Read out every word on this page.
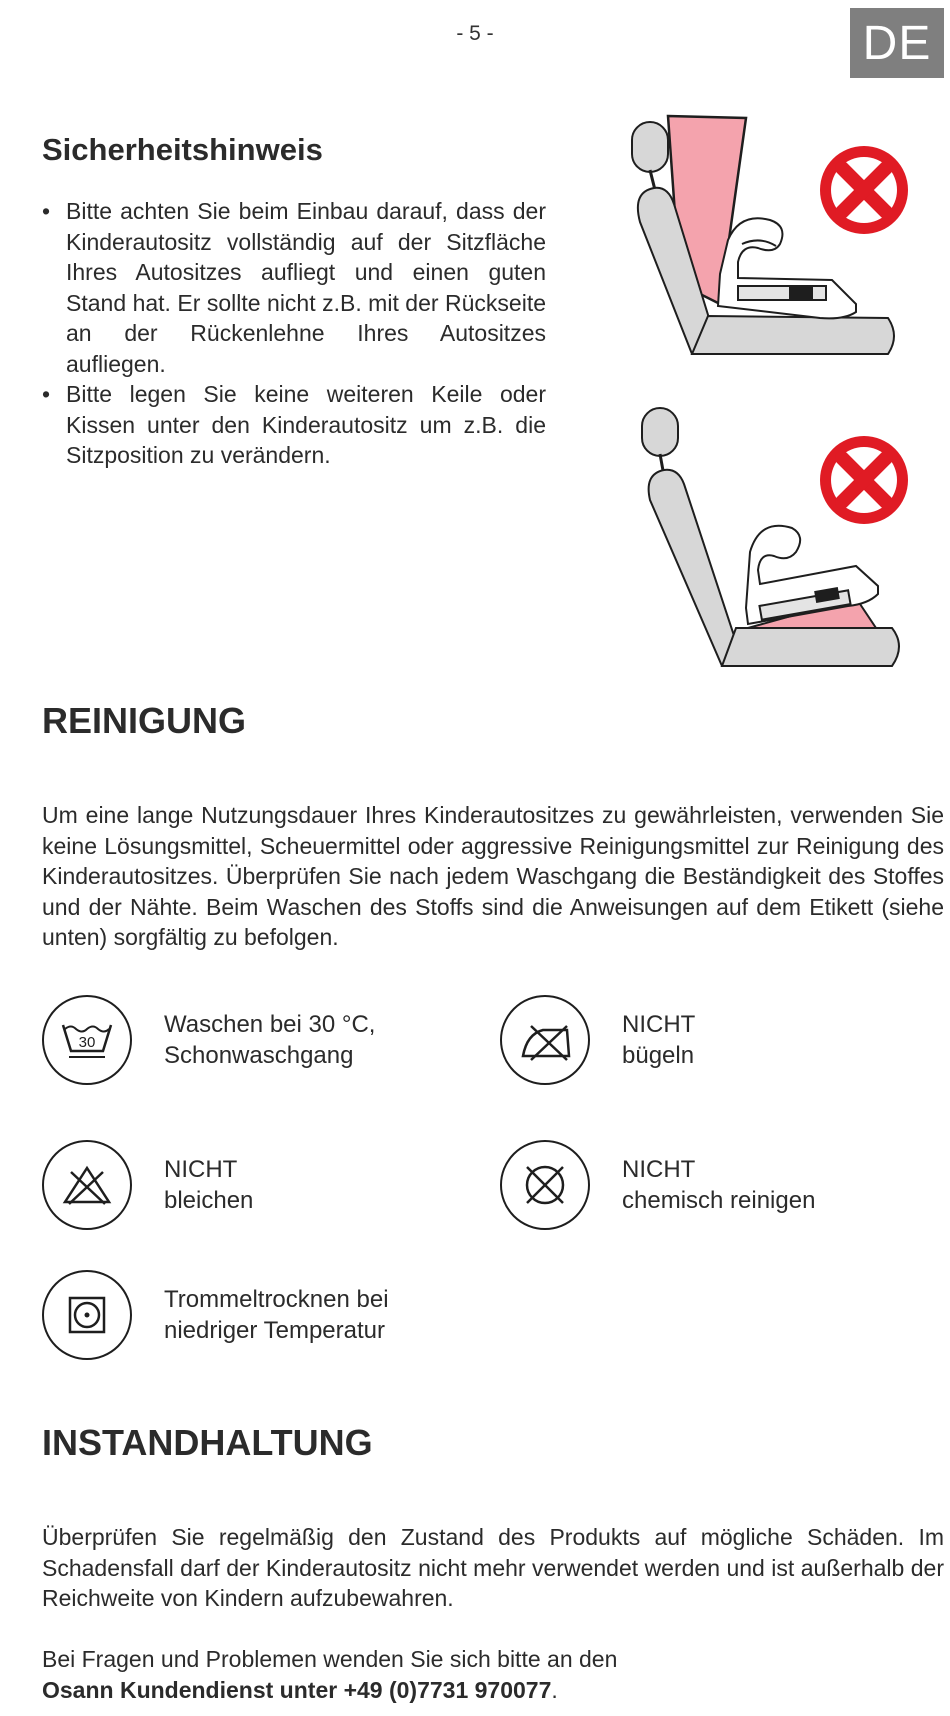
- 5 -	DE
Sicherheitshinweis
• Bitte achten Sie beim Einbau darauf, dass der Kinderautositz vollständig auf der Sitzfläche Ihres Autositzes aufliegt und einen guten Stand hat. Er sollte nicht z.B. mit der Rückseite an der Rückenlehne Ihres Autositzes aufliegen.
• Bitte legen Sie keine weiteren Keile oder Kissen unter den Kinderautositz um z.B. die Sitzposition zu verändern.
REINIGUNG

Um eine lange Nutzungsdauer Ihres Kinderautositzes zu gewährleisten, verwenden Sie keine Lösungsmittel, Scheuermittel oder aggressive Reinigungsmittel zur Reinigung des Kinderautositzes. Überprüfen Sie nach jedem Waschgang die Beständigkeit des Stoffes und der Nähte. Beim Waschen des Stoffs sind die Anweisungen auf dem Etikett (siehe unten) sorgfältig zu befolgen.

30
Waschen bei 30 °C,
Schonwaschgang
NICHT
bügeln
NICHT
bleichen
NICHT
chemisch reinigen
Trommeltrocknen bei
niedriger Temperatur
INSTANDHALTUNG

Überprüfen Sie regelmäßig den Zustand des Produkts auf mögliche Schäden. Im Schadensfall darf der Kinderautositz nicht mehr verwendet werden und ist außerhalb der Reichweite von Kindern aufzubewahren.

Bei Fragen und Problemen wenden Sie sich bitte an den
Osann Kundendienst unter +49 (0)7731 970077.
